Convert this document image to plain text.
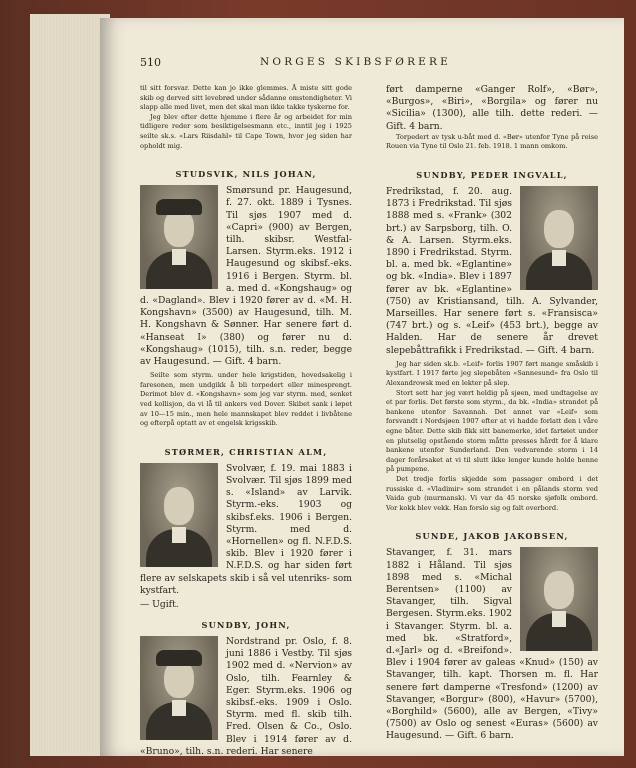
510	NORGES SKIBSFØRERE

til sitt forsvar. Dette kan jo ikke glemmes. Å miste sitt gode skib og derved sitt levebrød under sådanne omstendigheter. Vi slapp alle med livet, men det skal man ikke takke tyskerne for.

Jeg blev efter dette hjemme i flere år og arbeidet for min tidligere reder som besiktigelsesmann etc., inntil jeg i 1925 seilte sk.s. «Lars Riisdahl» til Cape Town, hvor jeg siden har opholdt mig.

STUDSVIK, NILS JOHAN,

Smørsund pr. Haugesund, f. 27. okt. 1889 i Tysnes. Til sjøs 1907 med d. «Capri» (900) av Bergen, tilh. skibsr. Westfal-Larsen. Styrm.eks. 1912 i Haugesund og skibsf.-eks. 1916 i Bergen. Styrm. bl. a. med d. «Kongshaug» og d. «Dagland». Blev i 1920 fører av d. «M. H. Kongshavn» (3500) av Haugesund, tilh. M. H. Kongshavn & Sønner. Har senere ført d. «Hanseat I» (380) og fører nu d. «Kongshaug» (1015), tilh. s.n. reder, begge av Haugesund. — Gift. 4 barn.

Seilte som styrm. under hele krigstiden, hovedsakelig i faresonen, men undgikk å bli torpedert eller minesprengt. Derimot blev d. «Kongshavn» som jeg var styrm. med, senket ved kollisjon, da vi lå til ankers ved Dover. Skibet sank i løpet av 10—15 min., men hele mannskapet blev reddet i livbåtene og efterpå optatt av et engelsk krigsskib.

STØRMER, CHRISTIAN ALM,

Svolvær, f. 19. mai 1883 i Svolvær. Til sjøs 1899 med s. «Island» av Larvik. Styrm.-eks. 1903 og skibsf.eks. 1906 i Bergen. Styrm. med d. «Hornellen» og fl. N.F.D.S. skib. Blev i 1920 fører i N.F.D.S. og har siden ført flere av selskapets skib i så vel utenriks- som kystfart.

— Ugift.

SUNDBY, JOHN,

Nordstrand pr. Oslo, f. 8. juni 1886 i Vestby. Til sjøs 1902 med d. «Nervion» av Oslo, tilh. Fearnley & Eger. Styrm.eks. 1906 og skibsf.-eks. 1909 i Oslo. Styrm. med fl. skib tilh. Fred. Olsen & Co., Oslo. Blev i 1914 fører av d. «Bruno», tilh. s.n. rederi. Har senere

ført damperne «Ganger Rolf», «Bør», «Burgos», «Biri», «Borgila» og fører nu «Sicilia» (1300), alle tilh. dette rederi. — Gift. 4 barn.

Torpedert av tysk u-båt med d. «Bør» utenfor Tyne på reise Rouen via Tyne til Oslo 21. feb. 1918. 1 mann omkom.

SUNDBY, PEDER INGVALL,

Fredrikstad, f. 20. aug. 1873 i Fredrikstad. Til sjøs 1888 med s. «Frank» (302 brt.) av Sarpsborg, tilh. O. & A. Larsen. Styrm.eks. 1890 i Fredrikstad. Styrm. bl. a. med bk. «Eglantine» og bk. «India». Blev i 1897 fører av bk. «Eglantine» (750) av Kristiansand, tilh. A. Sylvander, Marseilles. Har senere ført s. «Fransisca» (747 brt.) og s. «Leif» (453 brt.), begge av Halden. Har de senere år drevet slepebåttrafikk i Fredrikstad. — Gift. 4 barn.

Jeg har siden sk.b. «Leif» forlis 1907 ført mange småskib i kystfart. I 1917 førte jeg slepebåten «Sannesund» fra Oslo til Alexandrowsk med en lekter på slep.

Stort sett har jeg vært heldig på sjøen, med undtagelse av et par forlis. Det første som styrm., da bk. «India» strandet på bankene utenfor Savannah. Det annet var «Leif» som forsvandt i Nordsjøen 1907 efter at vi hadde forlatt den i våre egne båter. Dette skib fikk sitt banemerke, idet fartøiet under en plutselig opstående storm måtte presses hårdt for å klare bankene utenfor Sunderland. Den vedvarende storm i 14 dager forårsaket at vi til slutt ikke lenger kunde holde henne på pumpene.

Det tredje forlis skjedde som passager ombord i det russiske d. «Vladimir» som strandet i en pålands storm ved Vaida gub (murmansk). Vi var da 45 norske sjøfolk ombord. Vor kokk blev vekk. Han forslo sig og falt overbord.

SUNDE, JAKOB JAKOBSEN,

Stavanger, f. 31. mars 1882 i Håland. Til sjøs 1898 med s. «Michal Berentsen» (1100) av Stavanger, tilh. Sigval Bergesen. Styrm.eks. 1902 i Stavanger. Styrm. bl. a. med bk. «Stratford», d.«Jarl» og d. «Breifond». Blev i 1904 fører av galeas «Knud» (150) av Stavanger, tilh. kapt. Thorsen m. fl. Har senere ført damperne «Tresfond» (1200) av Stavanger, «Borgur» (800), «Havur» (5700), «Borghild» (5600), alle av Bergen, «Tivy» (7500) av Oslo og senest «Euras» (5600) av Haugesund. — Gift. 6 barn.
